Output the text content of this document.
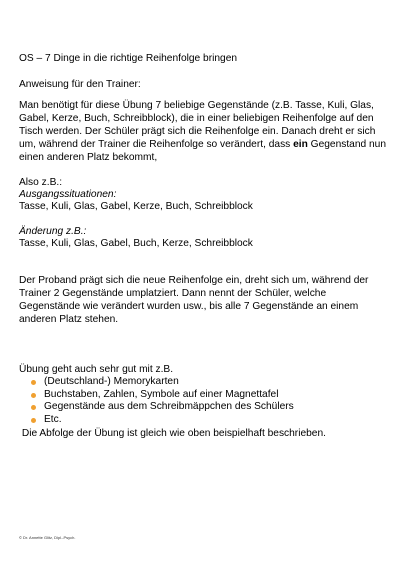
OS – 7 Dinge in die richtige Reihenfolge bringen

Anweisung für den Trainer:

Man benötigt für diese Übung 7 beliebige Gegenstände (z.B. Tasse, Kuli, Glas, Gabel, Kerze, Buch, Schreibblock), die in einer beliebigen Reihenfolge auf den Tisch werden. Der Schüler prägt sich die Reihenfolge ein. Danach dreht er sich um, während der Trainer die Reihenfolge so verändert, dass ein Gegenstand nun einen anderen Platz bekommt,

Also z.B.:

Ausgangssituationen:

Tasse, Kuli, Glas, Gabel, Kerze, Buch, Schreibblock

Änderung z.B.:

Tasse, Kuli, Glas, Gabel, Buch, Kerze, Schreibblock

Der Proband prägt sich die neue Reihenfolge ein, dreht sich um, während der Trainer 2 Gegenstände umplatziert. Dann nennt der Schüler, welche Gegenstände wie verändert wurden usw., bis alle 7 Gegenstände an einem anderen Platz stehen.

Übung geht auch sehr gut mit z.B.

(Deutschland-) Memorykarten
Buchstaben, Zahlen, Symbole auf einer Magnettafel
Gegenstände aus dem Schreibmäppchen des Schülers
Etc.

Die Abfolge der Übung ist gleich wie oben beispielhaft beschrieben.

© Dr. Annette Glitz, Dipl.-Psych.
